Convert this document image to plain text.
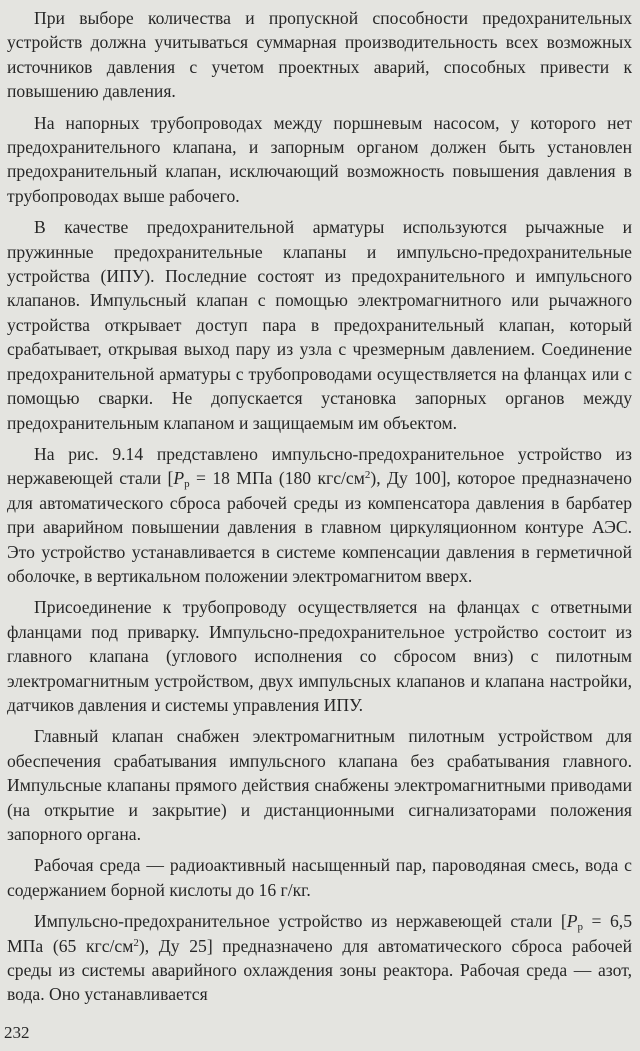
При выборе количества и пропускной способности предохранительных устройств должна учитываться суммарная производительность всех возможных источников давления с учетом проектных аварий, способных привести к повышению давления.

На напорных трубопроводах между поршневым насосом, у которого нет предохранительного клапана, и запорным органом должен быть установлен предохранительный клапан, исключающий возможность повышения давления в трубопроводах выше рабочего.

В качестве предохранительной арматуры используются рычажные и пружинные предохранительные клапаны и импульсно-предохранительные устройства (ИПУ). Последние состоят из предохранительного и импульсного клапанов. Импульсный клапан с помощью электромагнитного или рычажного устройства открывает доступ пара в предохранительный клапан, который срабатывает, открывая выход пару из узла с чрезмерным давлением. Соединение предохранительной арматуры с трубопроводами осуществляется на фланцах или с помощью сварки. Не допускается установка запорных органов между предохранительным клапаном и защищаемым им объектом.

На рис. 9.14 представлено импульсно-предохранительное устройство из нержавеющей стали [$P_р = 18$ МПа (180 кгс/$см^2$), Ду 100], которое предназначено для автоматического сброса рабочей среды из компенсатора давления в барбатер при аварийном повышении давления в главном циркуляционном контуре АЭС. Это устройство устанавливается в системе компенсации давления в герметичной оболочке, в вертикальном положении электромагнитом вверх.

Присоединение к трубопроводу осуществляется на фланцах с ответными фланцами под приварку. Импульсно-предохранительное устройство состоит из главного клапана (углового исполнения со сбросом вниз) с пилотным электромагнитным устройством, двух импульсных клапанов и клапана настройки, датчиков давления и системы управления ИПУ.

Главный клапан снабжен электромагнитным пилотным устройством для обеспечения срабатывания импульсного клапана без срабатывания главного. Импульсные клапаны прямого действия снабжены электромагнитными приводами (на открытие и закрытие) и дистанционными сигнализаторами положения запорного органа.

Рабочая среда — радиоактивный насыщенный пар, пароводяная смесь, вода с содержанием борной кислоты до 16 г/кг.

Импульсно-предохранительное устройство из нержавеющей стали [$P_р = 6,5$ МПа (65 кгс/$см^2$), Ду 25] предназначено для автоматического сброса рабочей среды из системы аварийного охлаждения зоны реактора. Рабочая среда — азот, вода. Оно устанавливается

232
